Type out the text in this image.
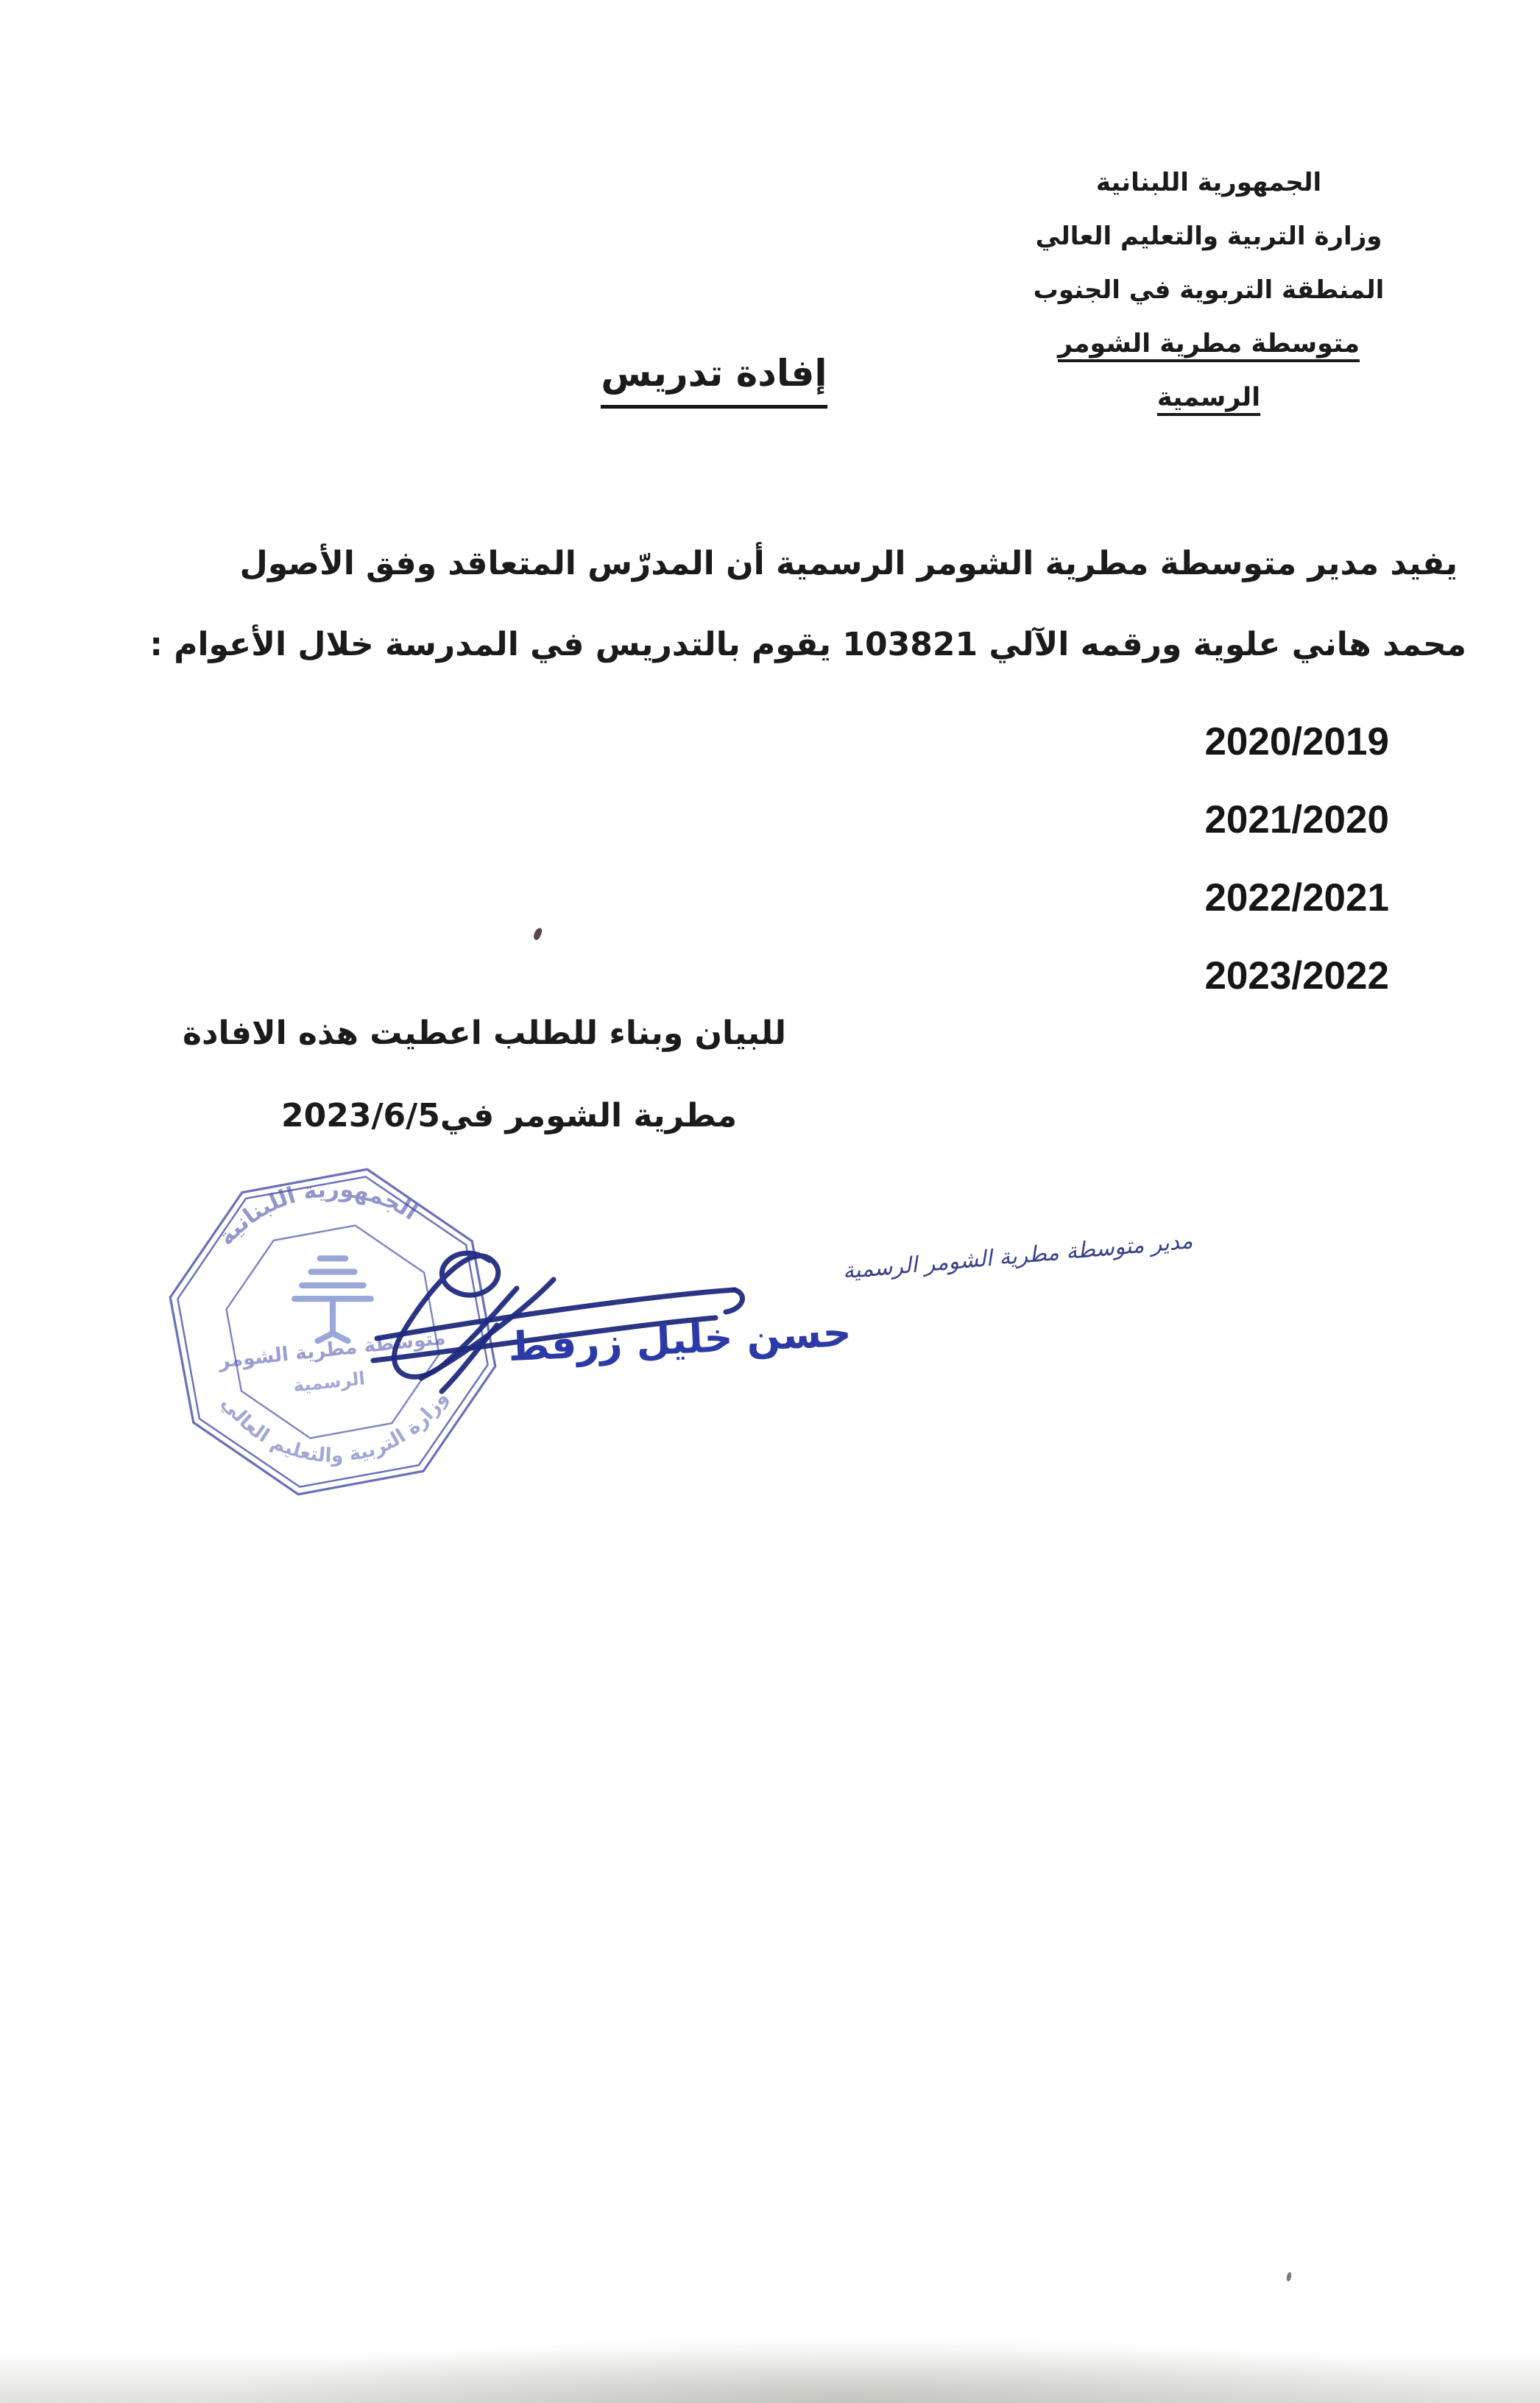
الجمهورية اللبنانية
وزارة التربية والتعليم العالي
المنطقة التربوية في الجنوب
متوسطة مطرية الشومر الرسمية
إفادة تدريس
يفيد مدير متوسطة مطرية الشومر الرسمية أن المدرّس المتعاقد وفق الأصول
محمد هاني علوية ورقمه الآلي 103821 يقوم بالتدريس في المدرسة خلال الأعوام :
2020/2019
2021/2020
2022/2021
2023/2022
للبيان وبناء للطلب اعطيت هذه الافادة
مطرية الشومر في2023/6/5
الجمهورية اللبنانية
متوسطة مطرية الشومر
الرسمية
وزارة التربية والتعليم العالي
مدير متوسطة مطرية الشومر الرسمية
حسن خليل زرقط
